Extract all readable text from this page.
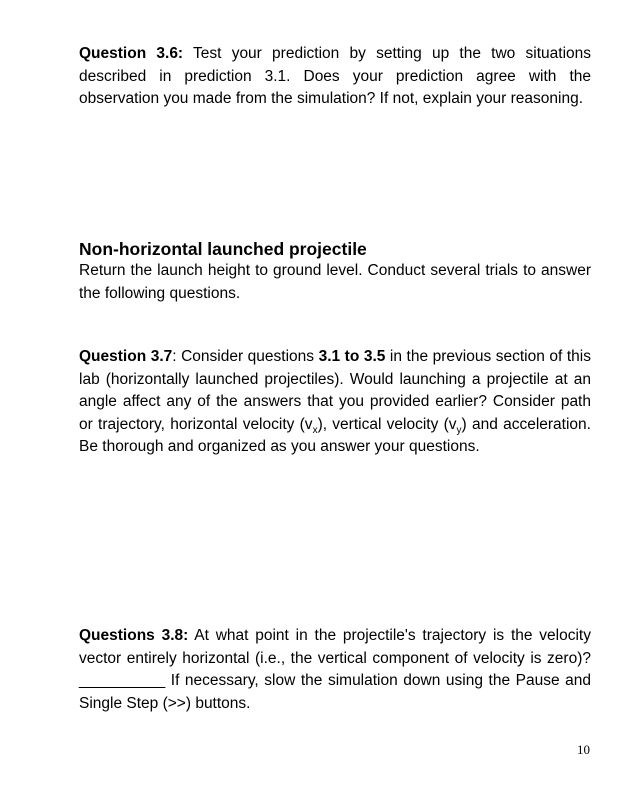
Question 3.6: Test your prediction by setting up the two situations described in prediction 3.1. Does your prediction agree with the observation you made from the simulation? If not, explain your reasoning.
Non-horizontal launched projectile
Return the launch height to ground level. Conduct several trials to answer the following questions.
Question 3.7: Consider questions 3.1 to 3.5 in the previous section of this lab (horizontally launched projectiles). Would launching a projectile at an angle affect any of the answers that you provided earlier? Consider path or trajectory, horizontal velocity $(v_x)$, vertical velocity $(v_y)$ and acceleration. Be thorough and organized as you answer your questions.
Questions 3.8: At what point in the projectile's trajectory is the velocity vector entirely horizontal (i.e., the vertical component of velocity is zero)? __________ If necessary, slow the simulation down using the Pause and Single Step (>>) buttons.
10
